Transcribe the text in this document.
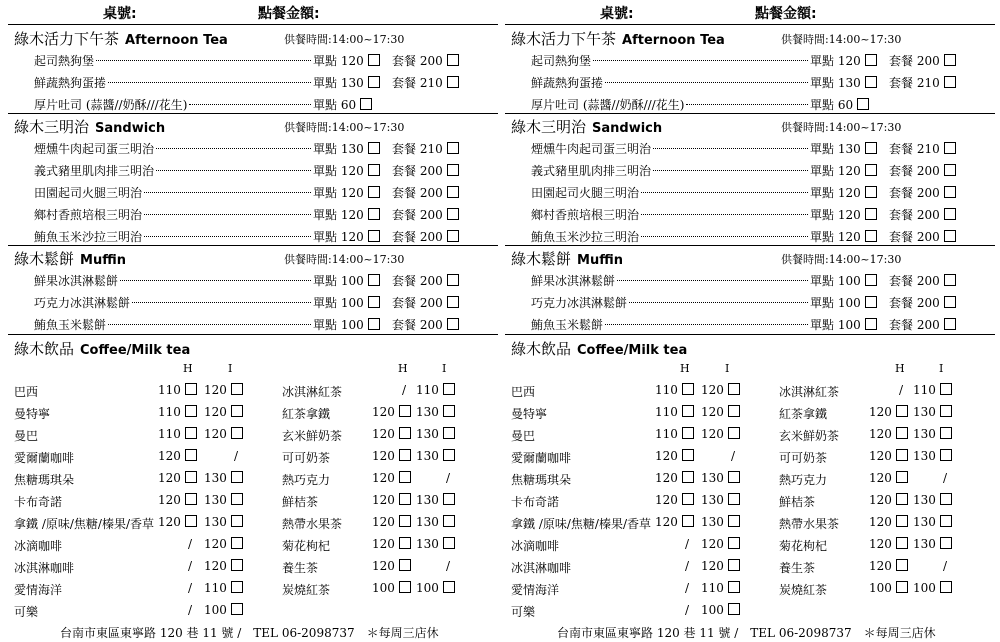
桌號:	點餐金額:
綠木活力下午茶 Afternoon Tea	供餐時間:14:00~17:30
起司熱狗堡	單點 120	套餐 200
鮮蔬熱狗蛋捲	單點 130	套餐 210
厚片吐司 (蒜醬//奶酥///花生)	單點 60
綠木三明治 Sandwich	供餐時間:14:00~17:30
煙燻牛肉起司蛋三明治	單點 130	套餐 210
義式豬里肌肉排三明治	單點 120	套餐 200
田園起司火腿三明治	單點 120	套餐 200
鄉村香煎培根三明治	單點 120	套餐 200
鮪魚玉米沙拉三明治	單點 120	套餐 200
綠木鬆餅 Muffin	供餐時間:14:00~17:30
鮮果冰淇淋鬆餅	單點 100	套餐 200
巧克力冰淇淋鬆餅	單點 100	套餐 200
鮪魚玉米鬆餅	單點 100	套餐 200
綠木飲品 Coffee/Milk tea
H	I	H	I
巴西	110	120
曼特寧	110	120
曼巴	110	120
愛爾蘭咖啡	120	/
焦糖瑪琪朵	120	130
卡布奇諾	120	130
拿鐵 /原味/焦糖/榛果/香草 120	130
冰滴咖啡	/ 120
冰淇淋咖啡	/ 120
愛情海洋	/ 110
可樂	/ 100
冰淇淋紅茶	/ 110
紅茶拿鐵	120	130
玄米鮮奶茶 120	130
可可奶茶	120	130
熱巧克力	120	/
鮮桔茶	120	130
熱帶水果茶 120	130
菊花枸杞	120	130
養生茶	120	/
炭燒紅茶	100	100
台南市東區東寧路 120 巷 11 號 / TEL 06-2098737 ＊每周三店休
桌號:	點餐金額:
綠木活力下午茶 Afternoon Tea	供餐時間:14:00~17:30
起司熱狗堡	單點 120	套餐 200
鮮蔬熱狗蛋捲	單點 130	套餐 210
厚片吐司 (蒜醬//奶酥///花生)	單點 60
綠木三明治 Sandwich	供餐時間:14:00~17:30
煙燻牛肉起司蛋三明治	單點 130	套餐 210
義式豬里肌肉排三明治	單點 120	套餐 200
田園起司火腿三明治	單點 120	套餐 200
鄉村香煎培根三明治	單點 120	套餐 200
鮪魚玉米沙拉三明治	單點 120	套餐 200
綠木鬆餅 Muffin	供餐時間:14:00~17:30
鮮果冰淇淋鬆餅	單點 100	套餐 200
巧克力冰淇淋鬆餅	單點 100	套餐 200
鮪魚玉米鬆餅	單點 100	套餐 200
綠木飲品 Coffee/Milk tea
H	I	H	I
巴西	110	120
曼特寧	110	120
曼巴	110	120
愛爾蘭咖啡	120	/
焦糖瑪琪朵	120	130
卡布奇諾	120	130
拿鐵 /原味/焦糖/榛果/香草 120	130
冰滴咖啡	/ 120
冰淇淋咖啡	/ 120
愛情海洋	/ 110
可樂	/ 100
冰淇淋紅茶	/ 110
紅茶拿鐵	120	130
玄米鮮奶茶 120	130
可可奶茶	120	130
熱巧克力	120	/
鮮桔茶	120	130
熱帶水果茶 120	130
菊花枸杞	120	130
養生茶	120	/
炭燒紅茶	100	100
台南市東區東寧路 120 巷 11 號 / TEL 06-2098737 ＊每周三店休
